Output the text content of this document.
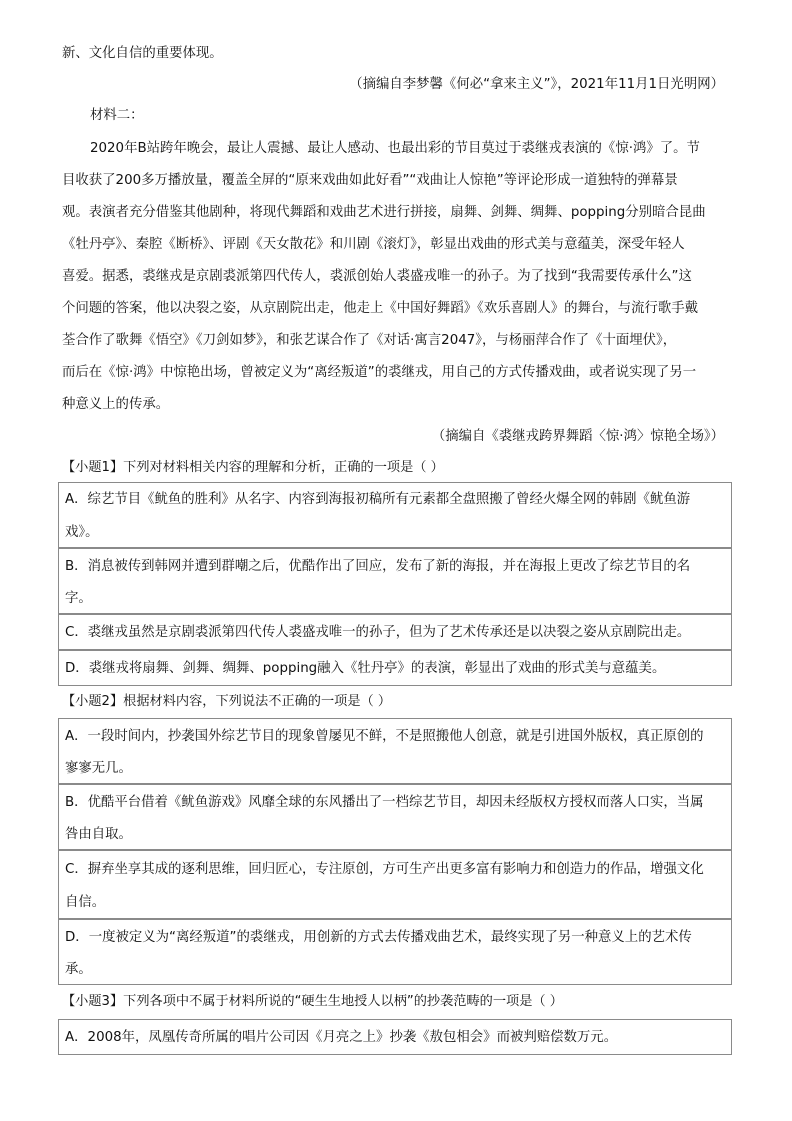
新、文化自信的重要体现。
（摘编自李梦馨《何必“拿来主义”》，2021年11月1日光明网）
材料二：
2020年B站跨年晚会，最让人震撼、最让人感动、也最出彩的节目莫过于裘继戎表演的《惊·鸿》了。节
目收获了200多万播放量，覆盖全屏的“原来戏曲如此好看”“戏曲让人惊艳”等评论形成一道独特的弹幕景
观。表演者充分借鉴其他剧种，将现代舞蹈和戏曲艺术进行拼接，扇舞、剑舞、绸舞、popping分别暗合昆曲
《牡丹亭》、秦腔《断桥》、评剧《天女散花》和川剧《滚灯》，彰显出戏曲的形式美与意蕴美，深受年轻人
喜爱。据悉，裘继戎是京剧裘派第四代传人，裘派创始人裘盛戎唯一的孙子。为了找到“我需要传承什么”这
个问题的答案，他以决裂之姿，从京剧院出走，他走上《中国好舞蹈》《欢乐喜剧人》的舞台，与流行歌手戴
荃合作了歌舞《悟空》《刀剑如梦》，和张艺谋合作了《对话·寓言2047》，与杨丽萍合作了《十面埋伏》，
而后在《惊·鸿》中惊艳出场，曾被定义为“离经叛道”的裘继戎，用自己的方式传播戏曲，或者说实现了另一
种意义上的传承。
（摘编自《裘继戎跨界舞蹈〈惊·鸿〉惊艳全场》）
【小题1】下列对材料相关内容的理解和分析，正确的一项是（ ）
A．综艺节目《鱿鱼的胜利》从名字、内容到海报初稿所有元素都全盘照搬了曾经火爆全网的韩剧《鱿鱼游
戏》。
B．消息被传到韩网并遭到群嘲之后，优酷作出了回应，发布了新的海报，并在海报上更改了综艺节目的名
字。
C．裘继戎虽然是京剧裘派第四代传人裘盛戎唯一的孙子，但为了艺术传承还是以决裂之姿从京剧院出走。
D．裘继戎将扇舞、剑舞、绸舞、popping融入《牡丹亭》的表演，彰显出了戏曲的形式美与意蕴美。
【小题2】根据材料内容，下列说法不正确的一项是（ ）
A．一段时间内，抄袭国外综艺节目的现象曾屡见不鲜，不是照搬他人创意，就是引进国外版权，真正原创的
寥寥无几。
B．优酷平台借着《鱿鱼游戏》风靡全球的东风播出了一档综艺节目，却因未经版权方授权而落人口实，当属
咎由自取。
C．摒弃坐享其成的逐利思维，回归匠心，专注原创，方可生产出更多富有影响力和创造力的作品，增强文化
自信。
D．一度被定义为“离经叛道”的裘继戎，用创新的方式去传播戏曲艺术，最终实现了另一种意义上的艺术传
承。
【小题3】下列各项中不属于材料所说的“硬生生地授人以柄”的抄袭范畴的一项是（ ）
A．2008年，凤凰传奇所属的唱片公司因《月亮之上》抄袭《敖包相会》而被判赔偿数万元。
